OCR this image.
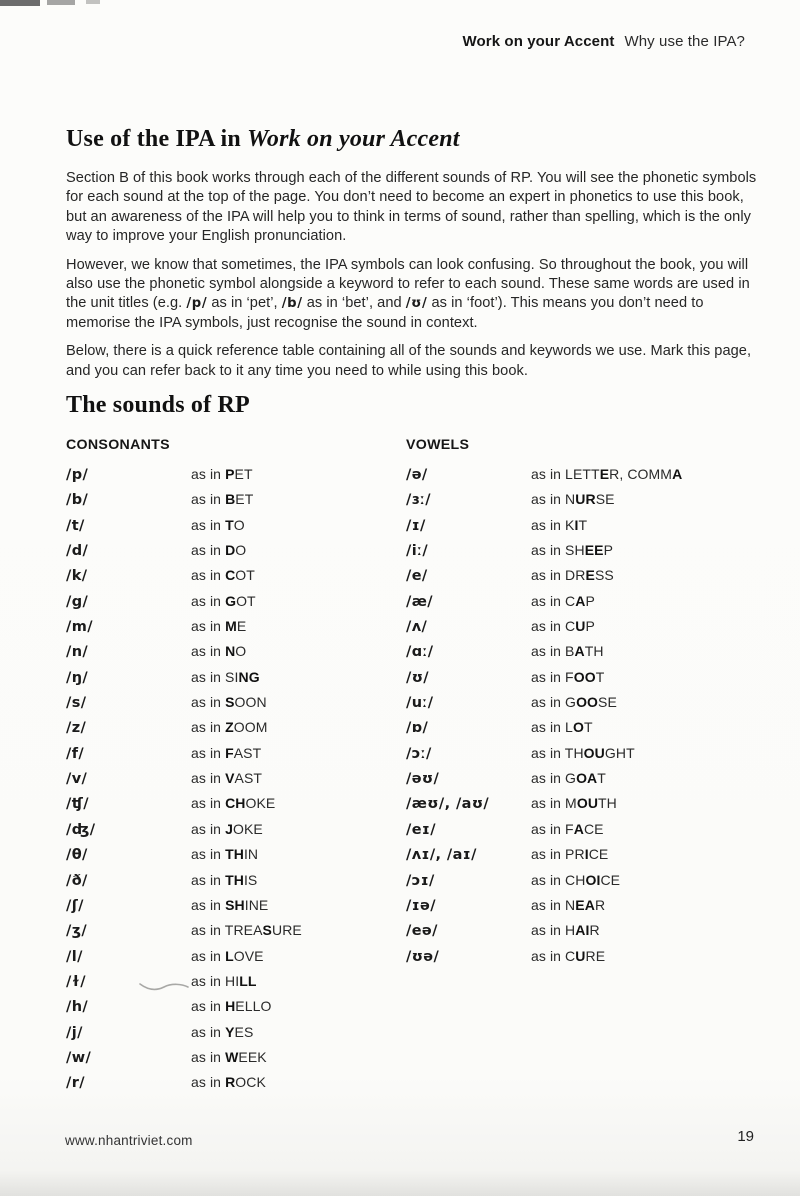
Work on your Accent Why use the IPA?
Use of the IPA in Work on your Accent

Section B of this book works through each of the different sounds of RP. You will see the phonetic symbols for each sound at the top of the page. You don’t need to become an expert in phonetics to use this book, but an awareness of the IPA will help you to think in terms of sound, rather than spelling, which is the only way to improve your English pronunciation.

However, we know that sometimes, the IPA symbols can look confusing. So throughout the book, you will also use the phonetic symbol alongside a keyword to refer to each sound. These same words are used in the unit titles (e.g. /p/ as in ‘pet’, /b/ as in ‘bet’, and /ʊ/ as in ‘foot’). This means you don’t need to memorise the IPA symbols, just recognise the sound in context.

Below, there is a quick reference table containing all of the sounds and keywords we use. Mark this page, and you can refer back to it any time you need to while using this book.

The sounds of RP
CONSONANTS
/p/	as in PET
/b/	as in BET
/t/	as in TO
/d/	as in DO
/k/	as in COT
/g/	as in GOT
/m/	as in ME
/n/	as in NO
/ŋ/	as in SING
/s/	as in SOON
/z/	as in ZOOM
/f/	as in FAST
/v/	as in VAST
/ʧ/	as in CHOKE
/ʤ/	as in JOKE
/θ/	as in THIN
/ð/	as in THIS
/ʃ/	as in SHINE
/ʒ/	as in TREASURE
/l/	as in LOVE
/ɫ/	as in HILL
/h/	as in HELLO
/j/	as in YES
/w/	as in WEEK
/r/	as in ROCK
VOWELS
/ə/	as in LETTER, COMMA
/ɜː/	as in NURSE
/ɪ/	as in KIT
/iː/	as in SHEEP
/e/	as in DRESS
/æ/	as in CAP
/ʌ/	as in CUP
/ɑː/	as in BATH
/ʊ/	as in FOOT
/uː/	as in GOOSE
/ɒ/	as in LOT
/ɔː/	as in THOUGHT
/əʊ/	as in GOAT
/æʊ/, /aʊ/	as in MOUTH
/eɪ/	as in FACE
/ʌɪ/, /aɪ/	as in PRICE
/ɔɪ/	as in CHOICE
/ɪə/	as in NEAR
/eə/	as in HAIR
/ʊə/	as in CURE
www.nhantriviet.com	19
